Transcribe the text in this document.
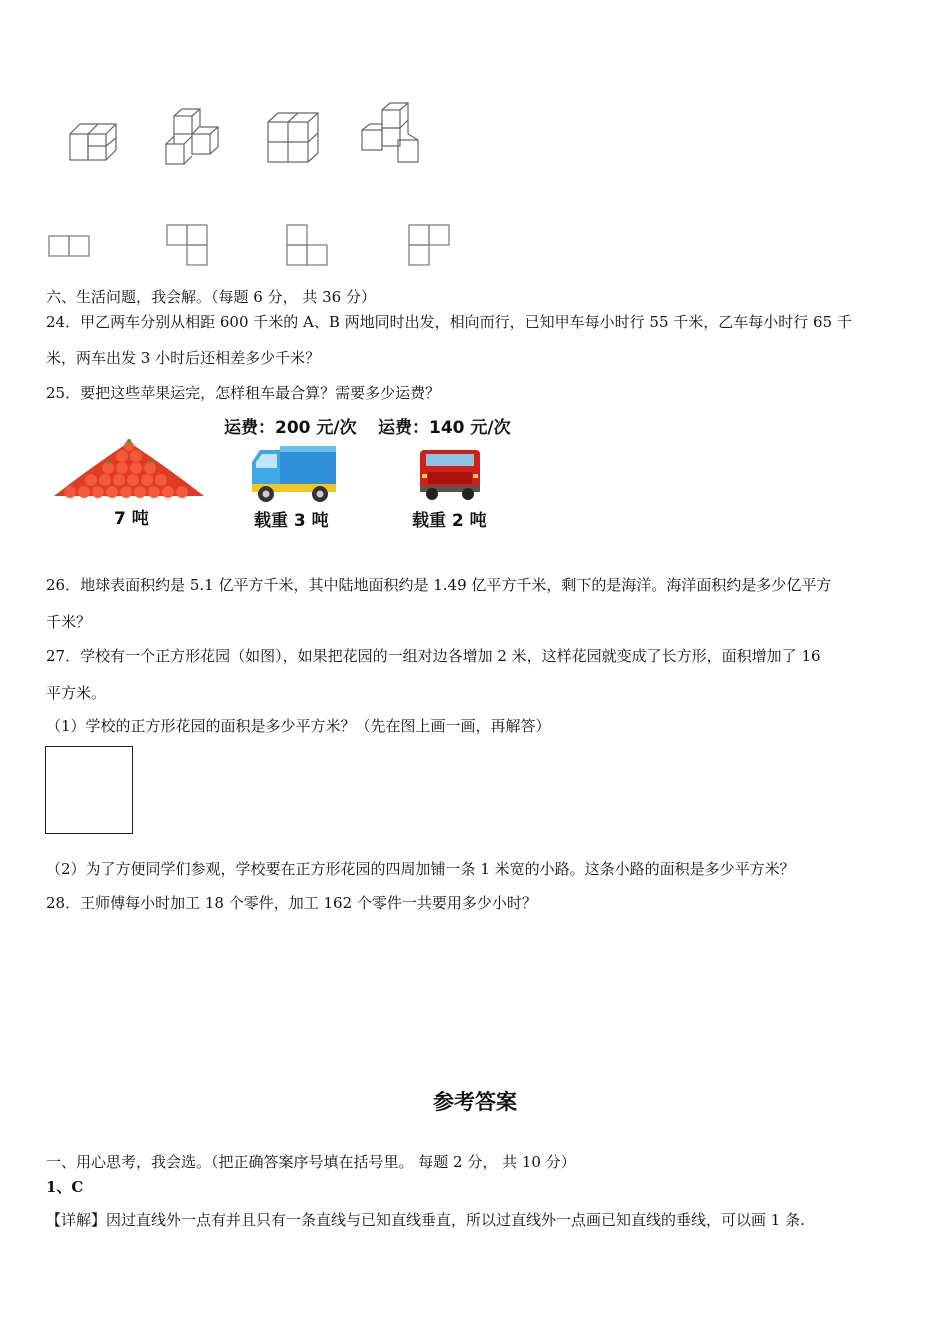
六、生活问题，我会解。（每题 6 分， 共 36 分）
24．甲乙两车分别从相距 600 千米的 A、B 两地同时出发，相向而行，已知甲车每小时行 55 千米，乙车每小时行 65 千
米，两车出发 3 小时后还相差多少千米？
25．要把这些苹果运完，怎样租车最合算？需要多少运费？
运费：200 元/次 运费：140 元/次
7 吨	载重 3 吨	载重 2 吨
26．地球表面积约是 5.1 亿平方千米，其中陆地面积约是 1.49 亿平方千米，剩下的是海洋。海洋面积约是多少亿平方
千米？
27．学校有一个正方形花园（如图），如果把花园的一组对边各增加 2 米，这样花园就变成了长方形，面积增加了 16
平方米。
（1）学校的正方形花园的面积是多少平方米？（先在图上画一画，再解答）
（2）为了方便同学们参观，学校要在正方形花园的四周加铺一条 1 米宽的小路。这条小路的面积是多少平方米？
28．王师傅每小时加工 18 个零件，加工 162 个零件一共要用多少小时？
参考答案
一、用心思考，我会选。（把正确答案序号填在括号里。 每题 2 分， 共 10 分）
1、C
【详解】因过直线外一点有并且只有一条直线与已知直线垂直，所以过直线外一点画已知直线的垂线，可以画 1 条.
